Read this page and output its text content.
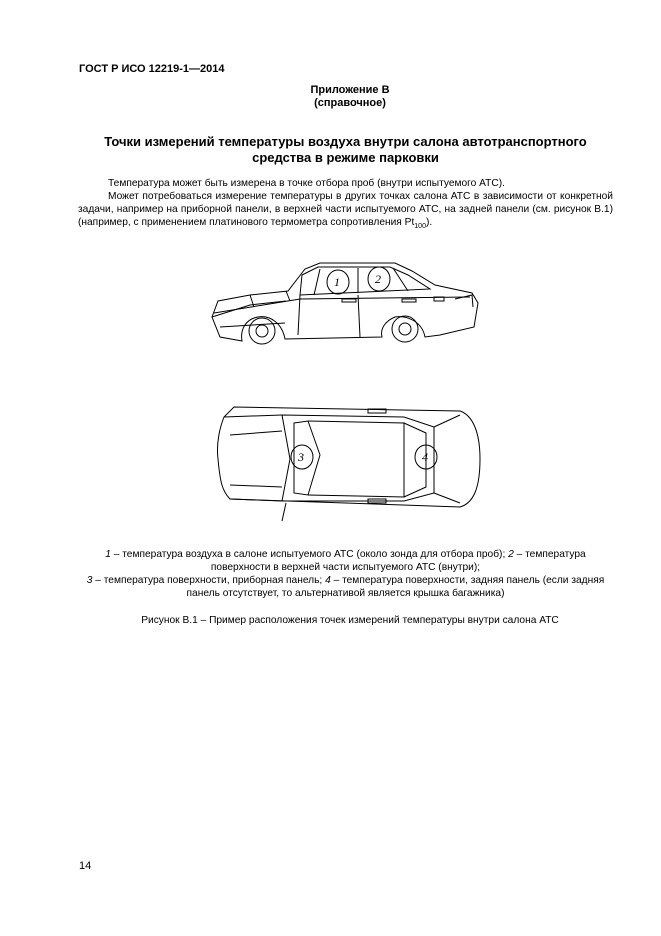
ГОСТ Р ИСО 12219-1—2014
Приложение В
(справочное)
Точки измерений температуры воздуха внутри салона автотранспортного средства в режиме парковки
Температура может быть измерена в точке отбора проб (внутри испытуемого АТС).
Может потребоваться измерение температуры в других точках салона АТС в зависимости от конкретной задачи, например на приборной панели, в верхней части испытуемого АТС, на задней панели (см. рисунок В.1) (например, с применением платинового термометра сопротивления $Pt_{100}$).
1	2
3	4
1 – температура воздуха в салоне испытуемого АТС (около зонда для отбора проб); 2 – температура поверхности в верхней части испытуемого АТС (внутри);
3 – температура поверхности, приборная панель; 4 – температура поверхности, задняя панель (если задняя панель отсутствует, то альтернативой является крышка багажника)
Рисунок В.1 – Пример расположения точек измерений температуры внутри салона АТС
14
